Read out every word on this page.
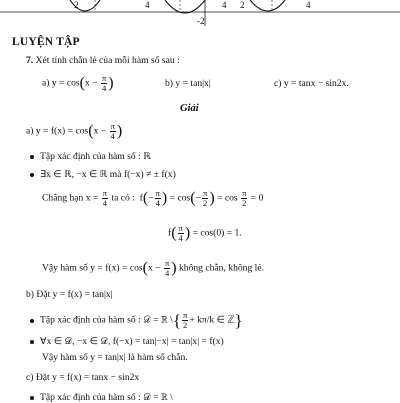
2	4
-2
4 2	4
LUYỆN TẬP
7. Xét tính chẵn lẻ của mỗi hàm số sau :
a) $y = \cos(x - \frac{\pi}{4}$ )	b) y = tan|x|	c) y = tanx − sin2x.
Giải
a) $y = f(x) = \cos(x - \frac{\pi}{4}$ )
Tập xác định của hàm số : ℝ
∃x ∈ ℝ, −x ∈ ℝ mà f(−x) ≠ ± f(x)
Chẳng hạn $x = \frac{\pi}{4}$ ta có : $f(- \frac{\pi}{4}$ ) = $\cos(- \frac{\pi}{2}$ ) = $\cos \frac{\pi}{2} = 0$
$f( \frac{\pi}{4}$ ) = cos(0) = 1.
Vậy hàm số $y = f(x) = \cos(x - \frac{\pi}{4}$ ) không chẵn, không lẻ.
b) Đặt y = f(x) = tan|x|
Tập xác định của hàm số : 𝒟 = ℝ \{ $\frac{\pi}{2} + k\pi/k$ ∈ ℤ}
∀x ∈ 𝒟, −x ∈ 𝒟, f(−x) = tan|−x| = tan|x| = f(x)
Vậy hàm số y = tan|x| là hàm số chẵn.
c) Đặt y = f(x) = tanx − sin2x
Tập xác định của hàm số : 𝒟 = ℝ \
